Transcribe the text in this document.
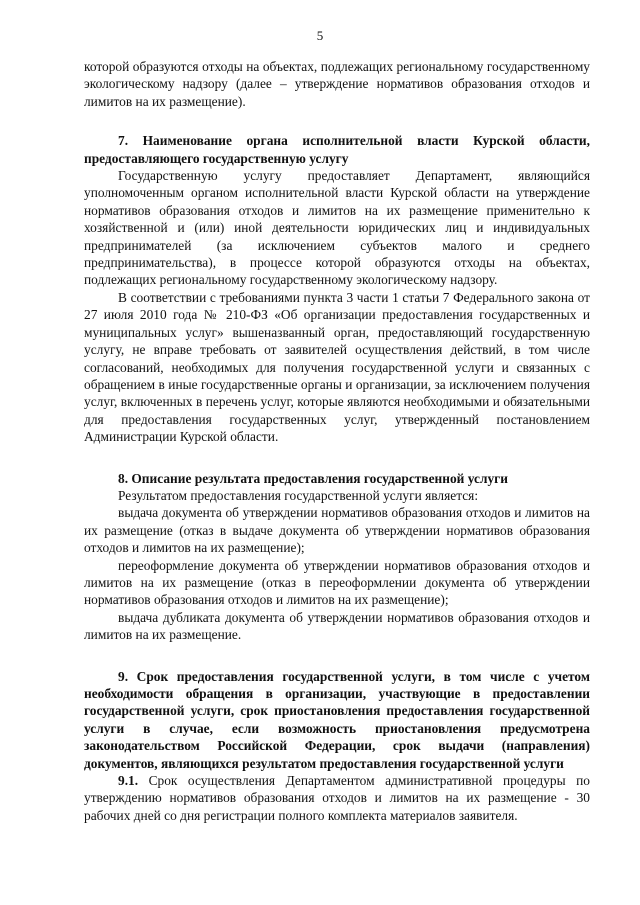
5

которой образуются отходы на объектах, подлежащих региональному государственному экологическому надзору (далее – утверждение нормативов образования отходов и лимитов на их размещение).

7. Наименование органа исполнительной власти Курской области, предоставляющего государственную услугу

Государственную услугу предоставляет Департамент, являющийся уполномоченным органом исполнительной власти Курской области на утверждение нормативов образования отходов и лимитов на их размещение применительно к хозяйственной и (или) иной деятельности юридических лиц и индивидуальных предпринимателей (за исключением субъектов малого и среднего предпринимательства), в процессе которой образуются отходы на объектах, подлежащих региональному государственному экологическому надзору.

В соответствии с требованиями пункта 3 части 1 статьи 7 Федерального закона от 27 июля 2010 года № 210-ФЗ «Об организации предоставления государственных и муниципальных услуг» вышеназванный орган, предоставляющий государственную услугу, не вправе требовать от заявителей осуществления действий, в том числе согласований, необходимых для получения государственной услуги и связанных с обращением в иные государственные органы и организации, за исключением получения услуг, включенных в перечень услуг, которые являются необходимыми и обязательными для предоставления государственных услуг, утвержденный постановлением Администрации Курской области.

8. Описание результата предоставления государственной услуги

Результатом предоставления государственной услуги является:

выдача документа об утверждении нормативов образования отходов и лимитов на их размещение (отказ в выдаче документа об утверждении нормативов образования отходов и лимитов на их размещение);

переоформление документа об утверждении нормативов образования отходов и лимитов на их размещение (отказ в переоформлении документа об утверждении нормативов образования отходов и лимитов на их размещение);

выдача дубликата документа об утверждении нормативов образования отходов и лимитов на их размещение.

9. Срок предоставления государственной услуги, в том числе с учетом необходимости обращения в организации, участвующие в предоставлении государственной услуги, срок приостановления предоставления государственной услуги в случае, если возможность приостановления предусмотрена законодательством Российской Федерации, срок выдачи (направления) документов, являющихся результатом предоставления государственной услуги

9.1. Срок осуществления Департаментом административной процедуры по утверждению нормативов образования отходов и лимитов на их размещение - 30 рабочих дней со дня регистрации полного комплекта материалов заявителя.
